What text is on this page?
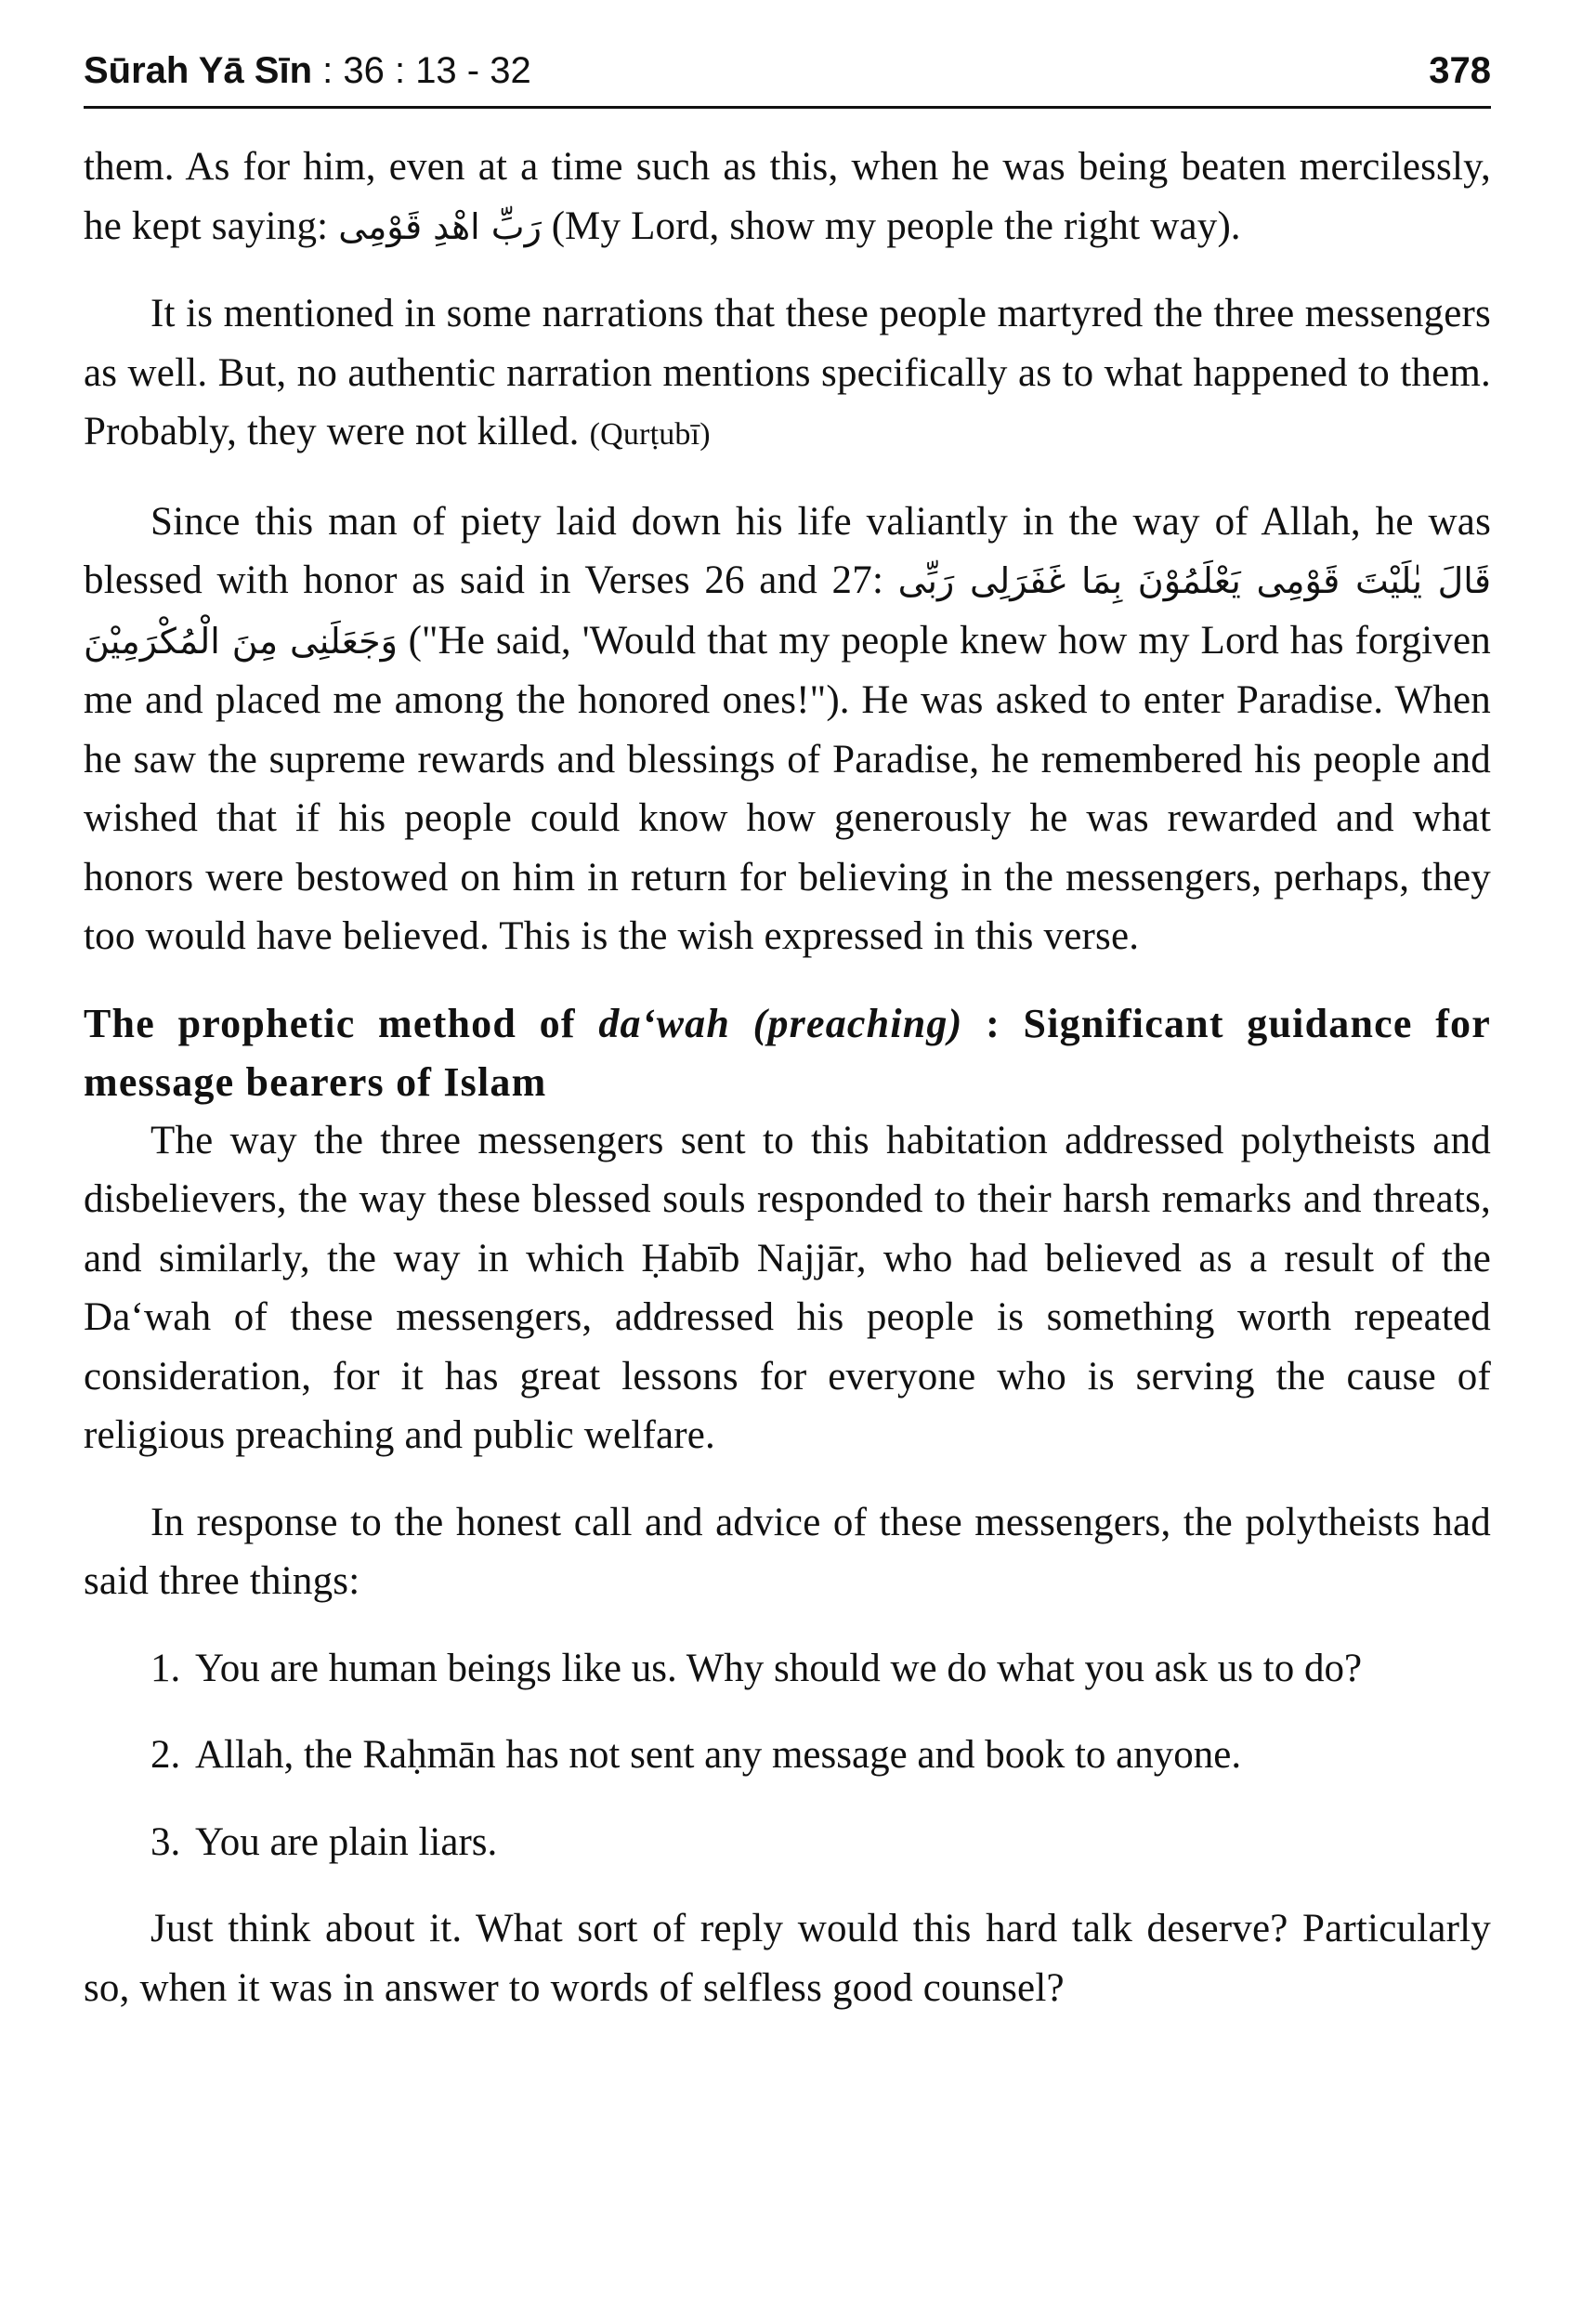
Sūrah Yā Sīn : 36 : 13 - 32	378

them. As for him, even at a time such as this, when he was being beaten mercilessly, he kept saying: رَبِّ اهْدِ قَوْمِى (My Lord, show my people the right way).

It is mentioned in some narrations that these people martyred the three messengers as well. But, no authentic narration mentions specifically as to what happened to them. Probably, they were not killed. (Qurṭubī)

Since this man of piety laid down his life valiantly in the way of Allah, he was blessed with honor as said in Verses 26 and 27: قَالَ يٰلَيْتَ قَوْمِى يَعْلَمُوْنَ بِمَا غَفَرَلِى رَبِّى وَجَعَلَنِى مِنَ الْمُكْرَمِيْنَ ("He said, 'Would that my people knew how my Lord has forgiven me and placed me among the honored ones!"). He was asked to enter Paradise. When he saw the supreme rewards and blessings of Paradise, he remembered his people and wished that if his people could know how generously he was rewarded and what honors were bestowed on him in return for believing in the messengers, perhaps, they too would have believed. This is the wish expressed in this verse.

The prophetic method of da‘wah (preaching) : Significant guidance for message bearers of Islam

The way the three messengers sent to this habitation addressed polytheists and disbelievers, the way these blessed souls responded to their harsh remarks and threats, and similarly, the way in which Ḥabīb Najjār, who had believed as a result of the Da‘wah of these messengers, addressed his people is something worth repeated consideration, for it has great lessons for everyone who is serving the cause of religious preaching and public welfare.

In response to the honest call and advice of these messengers, the polytheists had said three things:

1. You are human beings like us. Why should we do what you ask us to do?

2. Allah, the Raḥmān has not sent any message and book to anyone.

3. You are plain liars.

Just think about it. What sort of reply would this hard talk deserve? Particularly so, when it was in answer to words of selfless good counsel?
